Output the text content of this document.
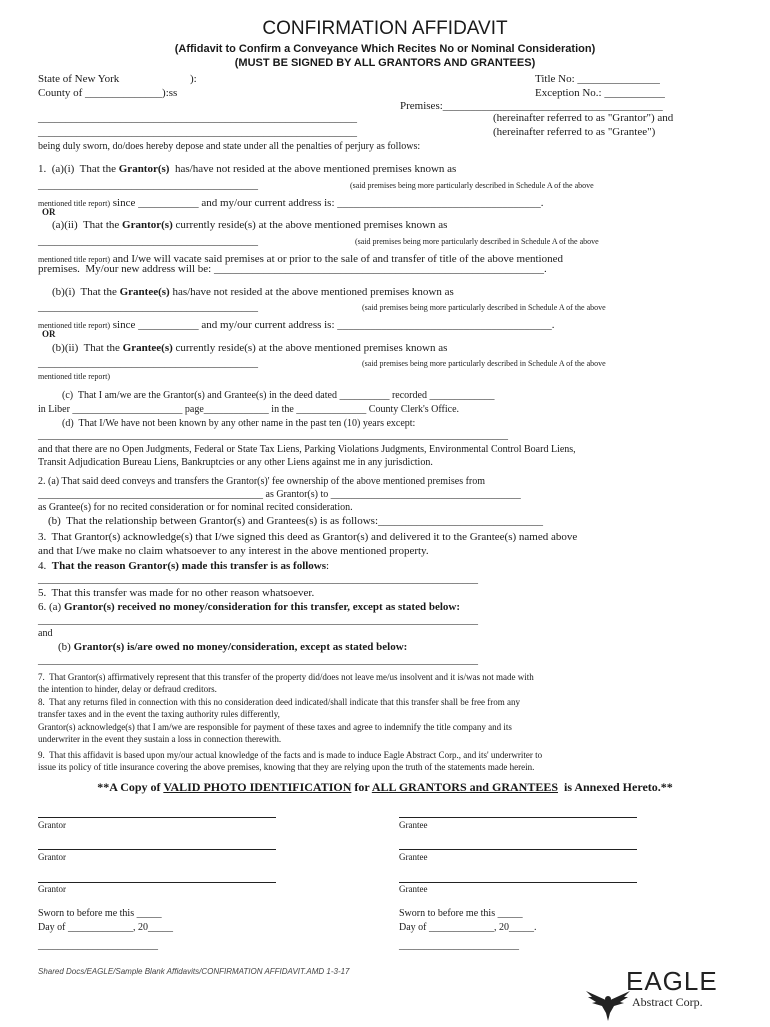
CONFIRMATION AFFIDAVIT
(Affidavit to Confirm a Conveyance Which Recites No or Nominal Consideration)
(MUST BE SIGNED BY ALL GRANTORS AND GRANTEES)
State of New York	):
County of ______________):ss
Title No: _______________
Exception No.: ___________
Premises:________________________________________
__________________________________________________________	(hereinafter referred to as "Grantor") and
__________________________________________________________	(hereinafter referred to as "Grantee")
being duly sworn, do/does hereby depose and state under all the penalties of perjury as follows:
1.  (a)(i)  That the Grantor(s)  has/have not resided at the above mentioned premises known as
________________________________________	(said premises being more particularly described in Schedule A of the above
mentioned title report) since ___________ and my/our current address is: _____________________________________.
OR
(a)(ii)  That the Grantor(s) currently reside(s) at the above mentioned premises known as
________________________________________	(said premises being more particularly described in Schedule A of the above
mentioned title report) and I/we will vacate said premises at or prior to the sale of and transfer of title of the above mentioned
premises.  My/our new address will be: ____________________________________________________________.
(b)(i)  That the Grantee(s) has/have not resided at the above mentioned premises known as
________________________________________	(said premises being more particularly described in Schedule A of the above
mentioned title report) since ___________ and my/our current address is: _______________________________________.
OR
(b)(ii)  That the Grantee(s) currently reside(s) at the above mentioned premises known as
________________________________________	(said premises being more particularly described in Schedule A of the above
mentioned title report)
(c)  That I am/we are the Grantor(s) and Grantee(s) in the deed dated __________ recorded _____________
in Liber ______________________ page_____________ in the ______________ County Clerk's Office.
(d)  That I/We have not been known by any other name in the past ten (10) years except:
______________________________________________________________________________________________
and that there are no Open Judgments, Federal or State Tax Liens, Parking Violations Judgments, Environmental Control Board Liens,
Transit Adjudication Bureau Liens, Bankruptcies or any other Liens against me in any jurisdiction.
2. (a) That said deed conveys and transfers the Grantor(s)' fee ownership of the above mentioned premises from
_____________________________________________ as Grantor(s) to ______________________________________
as Grantee(s) for no recited consideration or for nominal recited consideration.
(b)  That the relationship between Grantor(s) and Grantees(s) is as follows:______________________________
3.  That Grantor(s) acknowledge(s) that I/we signed this deed as Grantor(s) and delivered it to the Grantee(s) named above
and that I/we make no claim whatsoever to any interest in the above mentioned property.
4.  That the reason Grantor(s) made this transfer is as follows:
________________________________________________________________________________________
5.  That this transfer was made for no other reason whatsoever.
6. (a) Grantor(s) received no money/consideration for this transfer, except as stated below:
________________________________________________________________________________________
and
(b) Grantor(s) is/are owed no money/consideration, except as stated below:
________________________________________________________________________________________
7.  That Grantor(s) affirmatively represent that this transfer of the property did/does not leave me/us insolvent and it is/was not made with
the intention to hinder, delay or defraud creditors.
8.  That any returns filed in connection with this no consideration deed indicated/shall indicate that this transfer shall be free from any
transfer taxes and in the event the taxing authority rules differently,
Grantor(s) acknowledge(s) that I am/we are responsible for payment of these taxes and agree to indemnify the title company and its
underwriter in the event they sustain a loss in connection therewith.
9.  That this affidavit is based upon my/our actual knowledge of the facts and is made to induce Eagle Abstract Corp., and its' underwriter to
issue its policy of title insurance covering the above premises, knowing that they are relying upon the truth of the statements made herein.
**A Copy of VALID PHOTO IDENTIFICATION for ALL GRANTORS and GRANTEES  is Annexed Hereto.**
Grantor	Grantee
Grantor	Grantee
Grantor	Grantee
Sworn to before me this _____
Day of _____________, 20_____
Sworn to before me this _____
Day of _____________, 20_____.
________________________	________________________
Shared Docs/EAGLE/Sample Blank Affidavits/CONFIRMATION AFFIDAVIT.AMD 1-3-17

	EAGLE
Abstract Corp.
